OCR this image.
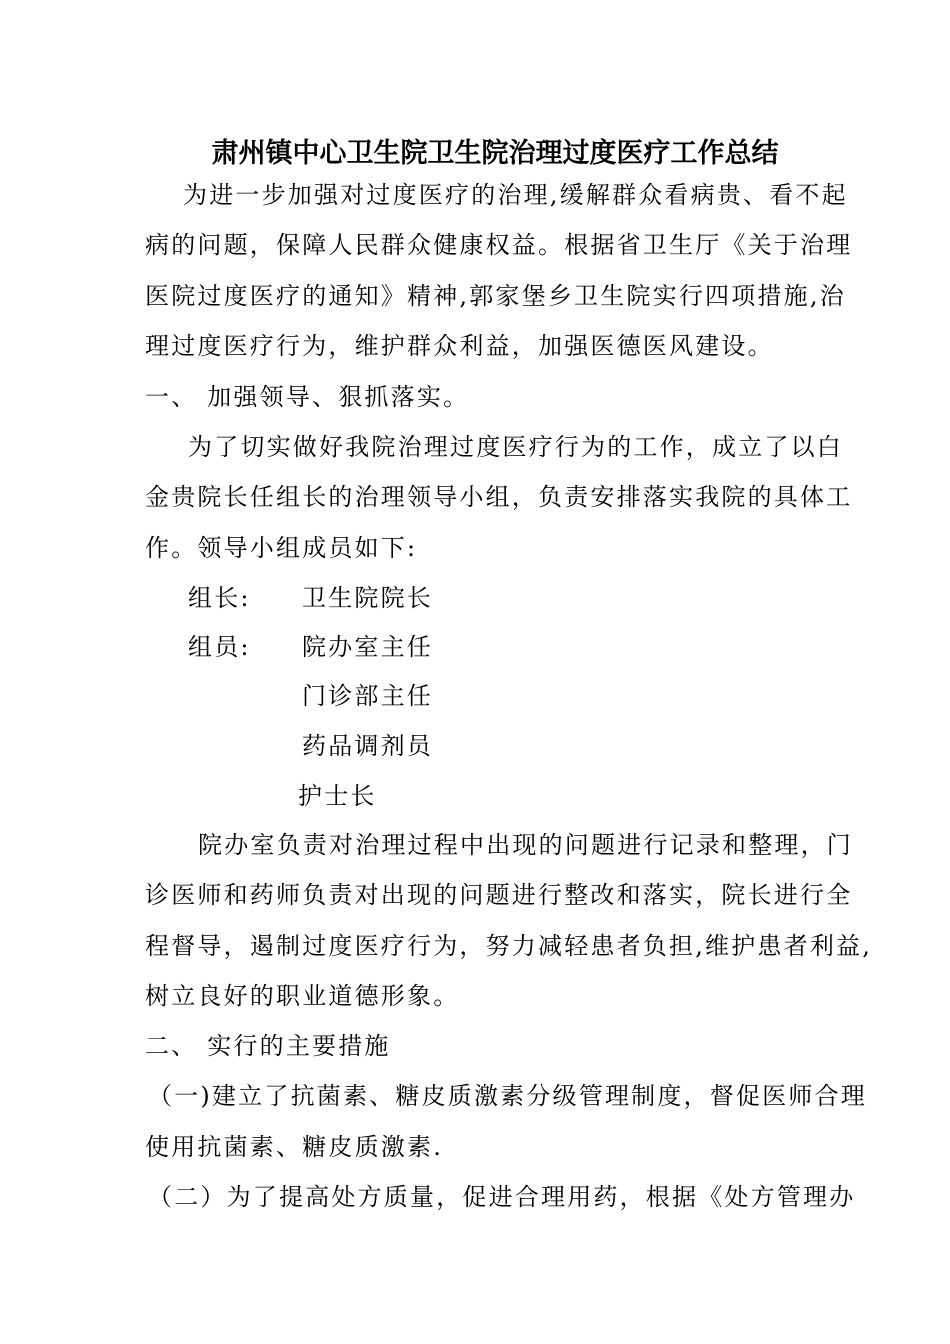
肃州镇中心卫生院卫生院治理过度医疗工作总结
为进一步加强对过度医疗的治理,缓解群众看病贵、看不起
病的问题，保障人民群众健康权益。根据省卫生厅《关于治理
医院过度医疗的通知》精神,郭家堡乡卫生院实行四项措施,治
理过度医疗行为，维护群众利益，加强医德医风建设。
一、 加强领导、狠抓落实。
为了切实做好我院治理过度医疗行为的工作，成立了以白
金贵院长任组长的治理领导小组，负责安排落实我院的具体工
作。领导小组成员如下:
组长: 卫生院院长
组员: 院办室主任
门诊部主任
药品调剂员
护士长
院办室负责对治理过程中出现的问题进行记录和整理，门
诊医师和药师负责对出现的问题进行整改和落实，院长进行全
程督导，遏制过度医疗行为，努力减轻患者负担,维护患者利益,
树立良好的职业道德形象。
二、 实行的主要措施
（一)建立了抗菌素、糖皮质激素分级管理制度，督促医师合理
使用抗菌素、糖皮质激素.
（二）为了提高处方质量，促进合理用药，根据《处方管理办
